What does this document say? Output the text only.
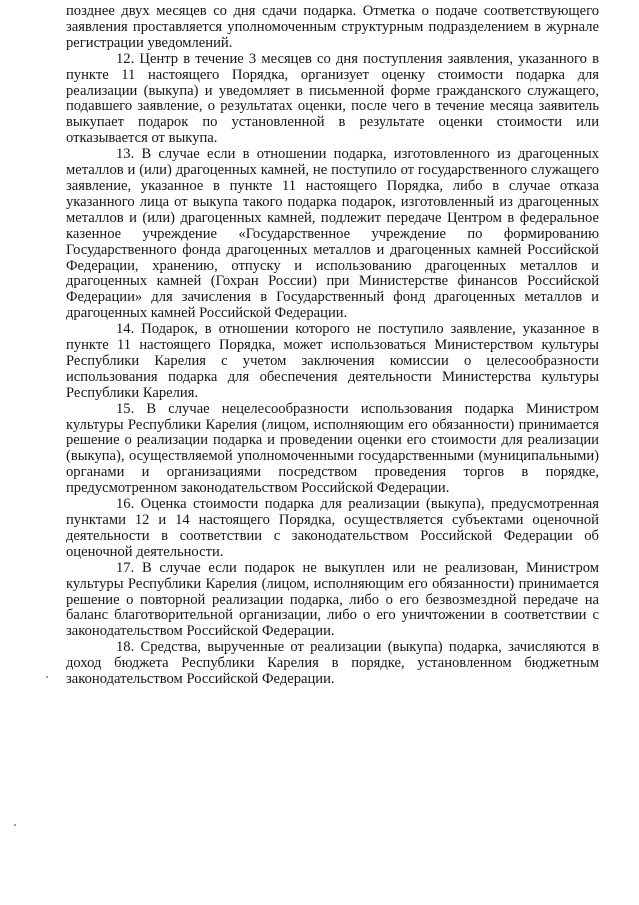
позднее двух месяцев со дня сдачи подарка. Отметка о подаче соответствующего заявления проставляется уполномоченным структурным подразделением в журнале регистрации уведомлений.

12. Центр в течение 3 месяцев со дня поступления заявления, указанного в пункте 11 настоящего Порядка, организует оценку стоимости подарка для реализации (выкупа) и уведомляет в письменной форме гражданского служащего, подавшего заявление, о результатах оценки, после чего в течение месяца заявитель выкупает подарок по установленной в результате оценки стоимости или отказывается от выкупа.

13. В случае если в отношении подарка, изготовленного из драгоценных металлов и (или) драгоценных камней, не поступило от государственного служащего заявление, указанное в пункте 11 настоящего Порядка, либо в случае отказа указанного лица от выкупа такого подарка подарок, изготовленный из драгоценных металлов и (или) драгоценных камней, подлежит передаче Центром в федеральное казенное учреждение «Государственное учреждение по формированию Государственного фонда драгоценных металлов и драгоценных камней Российской Федерации, хранению, отпуску и использованию драгоценных металлов и драгоценных камней (Гохран России) при Министерстве финансов Российской Федерации» для зачисления в Государственный фонд драгоценных металлов и драгоценных камней Российской Федерации.

14. Подарок, в отношении которого не поступило заявление, указанное в пункте 11 настоящего Порядка, может использоваться Министерством культуры Республики Карелия с учетом заключения комиссии о целесообразности использования подарка для обеспечения деятельности Министерства культуры Республики Карелия.

15. В случае нецелесообразности использования подарка Министром культуры Республики Карелия (лицом, исполняющим его обязанности) принимается решение о реализации подарка и проведении оценки его стоимости для реализации (выкупа), осуществляемой уполномоченными государственными (муниципальными) органами и организациями посредством проведения торгов в порядке, предусмотренном законодательством Российской Федерации.

16. Оценка стоимости подарка для реализации (выкупа), предусмотренная пунктами 12 и 14 настоящего Порядка, осуществляется субъектами оценочной деятельности в соответствии с законодательством Российской Федерации об оценочной деятельности.

17. В случае если подарок не выкуплен или не реализован, Министром культуры Республики Карелия (лицом, исполняющим его обязанности) принимается решение о повторной реализации подарка, либо о его безвозмездной передаче на баланс благотворительной организации, либо о его уничтожении в соответствии с законодательством Российской Федерации.

18. Средства, вырученные от реализации (выкупа) подарка, зачисляются в доход бюджета Республики Карелия в порядке, установленном бюджетным законодательством Российской Федерации.
